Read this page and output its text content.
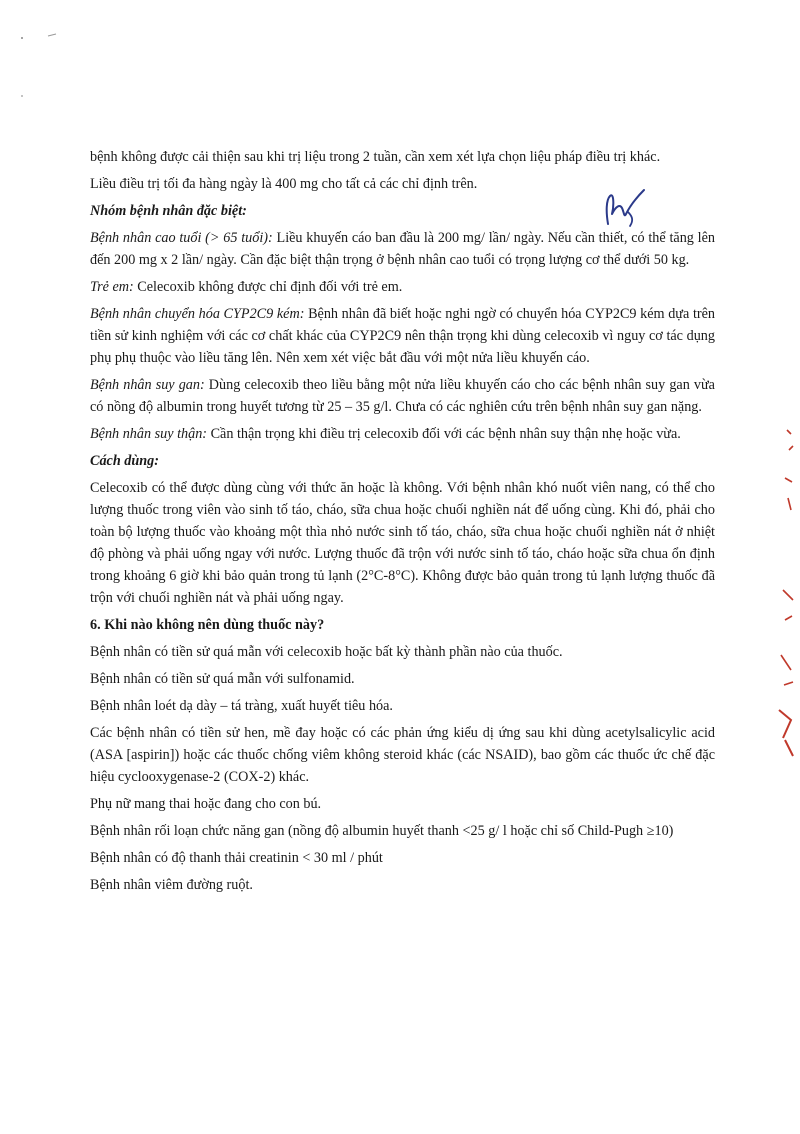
bệnh không được cải thiện sau khi trị liệu trong 2 tuần, cần xem xét lựa chọn liệu pháp điều trị khác.

Liều điều trị tối đa hàng ngày là 400 mg cho tất cả các chỉ định trên.

Nhóm bệnh nhân đặc biệt:

Bệnh nhân cao tuổi (> 65 tuổi): Liều khuyến cáo ban đầu là 200 mg/ lần/ ngày. Nếu cần thiết, có thể tăng lên đến 200 mg x 2 lần/ ngày. Cần đặc biệt thận trọng ở bệnh nhân cao tuổi có trọng lượng cơ thể dưới 50 kg.

Trẻ em: Celecoxib không được chỉ định đối với trẻ em.

Bệnh nhân chuyển hóa CYP2C9 kém: Bệnh nhân đã biết hoặc nghi ngờ có chuyển hóa CYP2C9 kém dựa trên tiền sử kinh nghiệm với các cơ chất khác của CYP2C9 nên thận trọng khi dùng celecoxib vì nguy cơ tác dụng phụ phụ thuộc vào liều tăng lên. Nên xem xét việc bắt đầu với một nửa liều khuyến cáo.

Bệnh nhân suy gan: Dùng celecoxib theo liều bằng một nửa liều khuyến cáo cho các bệnh nhân suy gan vừa có nồng độ albumin trong huyết tương từ 25 – 35 g/l. Chưa có các nghiên cứu trên bệnh nhân suy gan nặng.

Bệnh nhân suy thận: Cần thận trọng khi điều trị celecoxib đối với các bệnh nhân suy thận nhẹ hoặc vừa.

Cách dùng:

Celecoxib có thể được dùng cùng với thức ăn hoặc là không. Với bệnh nhân khó nuốt viên nang, có thể cho lượng thuốc trong viên vào sinh tố táo, cháo, sữa chua hoặc chuối nghiền nát để uống cùng. Khi đó, phải cho toàn bộ lượng thuốc vào khoảng một thìa nhỏ nước sinh tố táo, cháo, sữa chua hoặc chuối nghiền nát ở nhiệt độ phòng và phải uống ngay với nước. Lượng thuốc đã trộn với nước sinh tố táo, cháo hoặc sữa chua ổn định trong khoảng 6 giờ khi bảo quản trong tủ lạnh (2°C-8°C). Không được bảo quản trong tủ lạnh lượng thuốc đã trộn với chuối nghiền nát và phải uống ngay.

6. Khi nào không nên dùng thuốc này?

Bệnh nhân có tiền sử quá mẫn với celecoxib hoặc bất kỳ thành phần nào của thuốc.

Bệnh nhân có tiền sử quá mẫn với sulfonamid.

Bệnh nhân loét dạ dày – tá tràng, xuất huyết tiêu hóa.

Các bệnh nhân có tiền sử hen, mề đay hoặc có các phản ứng kiểu dị ứng sau khi dùng acetylsalicylic acid (ASA [aspirin]) hoặc các thuốc chống viêm không steroid khác (các NSAID), bao gồm các thuốc ức chế đặc hiệu cyclooxygenase-2 (COX-2) khác.

Phụ nữ mang thai hoặc đang cho con bú.

Bệnh nhân rối loạn chức năng gan (nồng độ albumin huyết thanh <25 g/ l hoặc chỉ số Child-Pugh ≥10)

Bệnh nhân có độ thanh thải creatinin < 30 ml / phút

Bệnh nhân viêm đường ruột.
